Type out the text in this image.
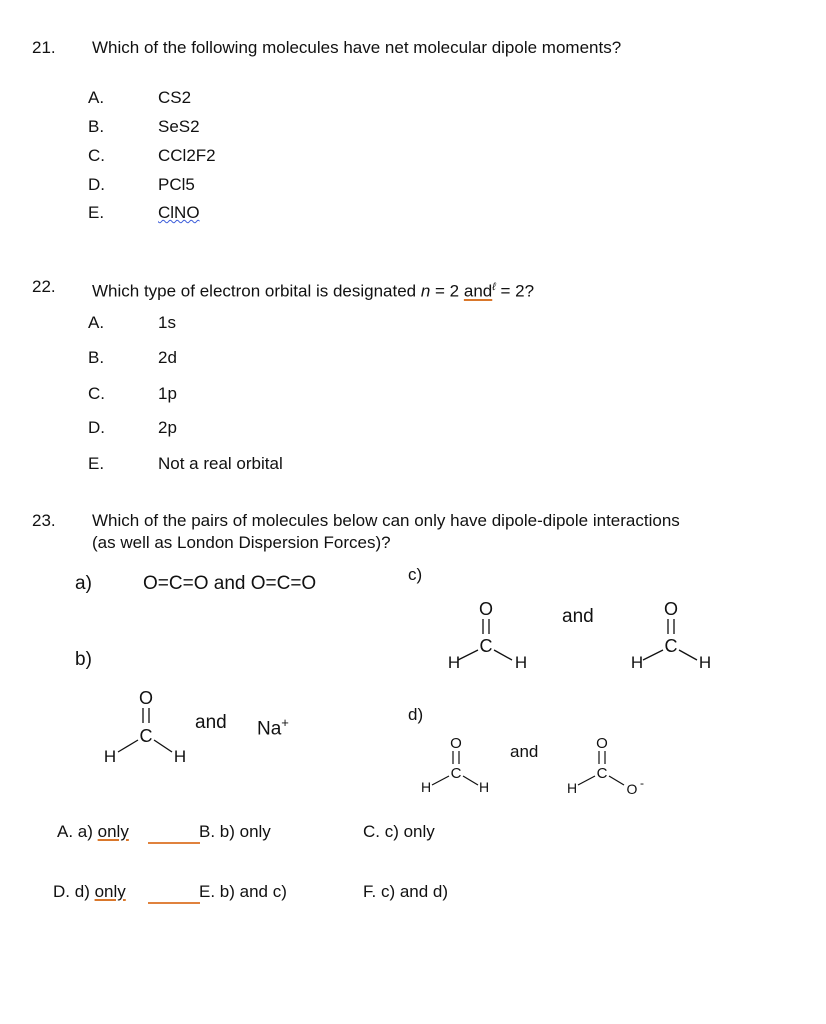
21. Which of the following molecules have net molecular dipole moments?
A.	CS2
B.	SeS2
C.	CCl2F2
D.	PCl5
E.	ClNO
22. Which type of electron orbital is designated n = 2 and$^\ell$ = 2?
A.	1s
B.	2d
C.	1p
D.	2p
E.	Not a real orbital
23. Which of the pairs of molecules below can only have dipole-dipole interactions
(as well as London Dispersion Forces)?
a)	O=C=O and O=C=O
b)
O
C
H	H
and Na+
c)
O
C
H	H
and	O
C
H	H
d)
O
C
H	H
and	O
C
H	O -
A. a) only	B. b) only	C. c) only
D. d) only	E. b) and c)	F. c) and d)
